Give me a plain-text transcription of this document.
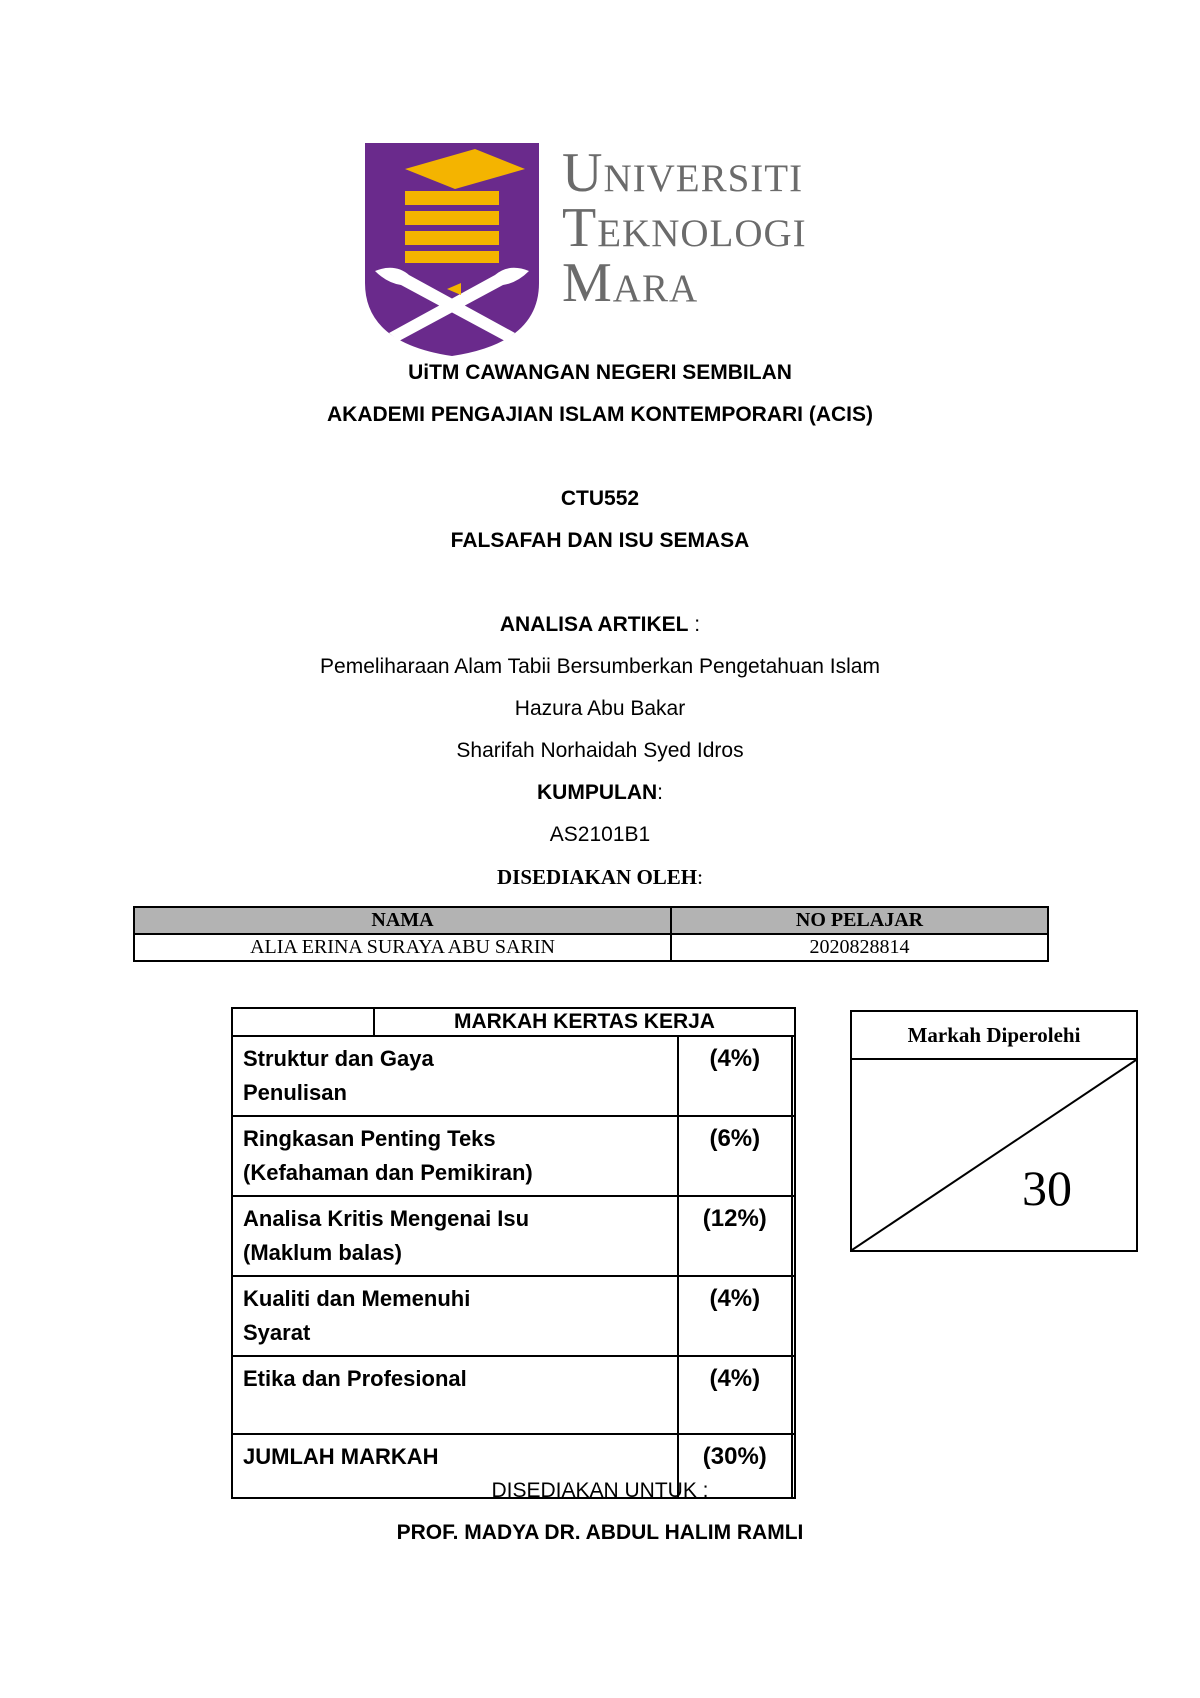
Universiti
Teknologi
Mara
UiTM CAWANGAN NEGERI SEMBILAN
AKADEMI PENGAJIAN ISLAM KONTEMPORARI (ACIS)
CTU552
FALSAFAH DAN ISU SEMASA
ANALISA ARTIKEL :
Pemeliharaan Alam Tabii Bersumberkan Pengetahuan Islam
Hazura Abu Bakar
Sharifah Norhaidah Syed Idros
KUMPULAN:
AS2101B1
DISEDIAKAN OLEH:
NAMA	NO PELAJAR
ALIA ERINA SURAYA ABU SARIN	2020828814
	MARKAH KERTAS KERJA		

Struktur dan Gaya
Penulisan		(4%)	

Ringkasan Penting Teks
(Kefahaman dan Pemikiran)		(6%)	

Analisa Kritis Mengenai Isu
(Maklum balas)		(12%)	

Kualiti dan Memenuhi
Syarat		(4%)	

Etika dan Profesional		(4%)	
JUMLAH MARKAH		(30%)	
Markah Diperolehi
30
DISEDIAKAN UNTUK :
PROF. MADYA DR. ABDUL HALIM RAMLI
